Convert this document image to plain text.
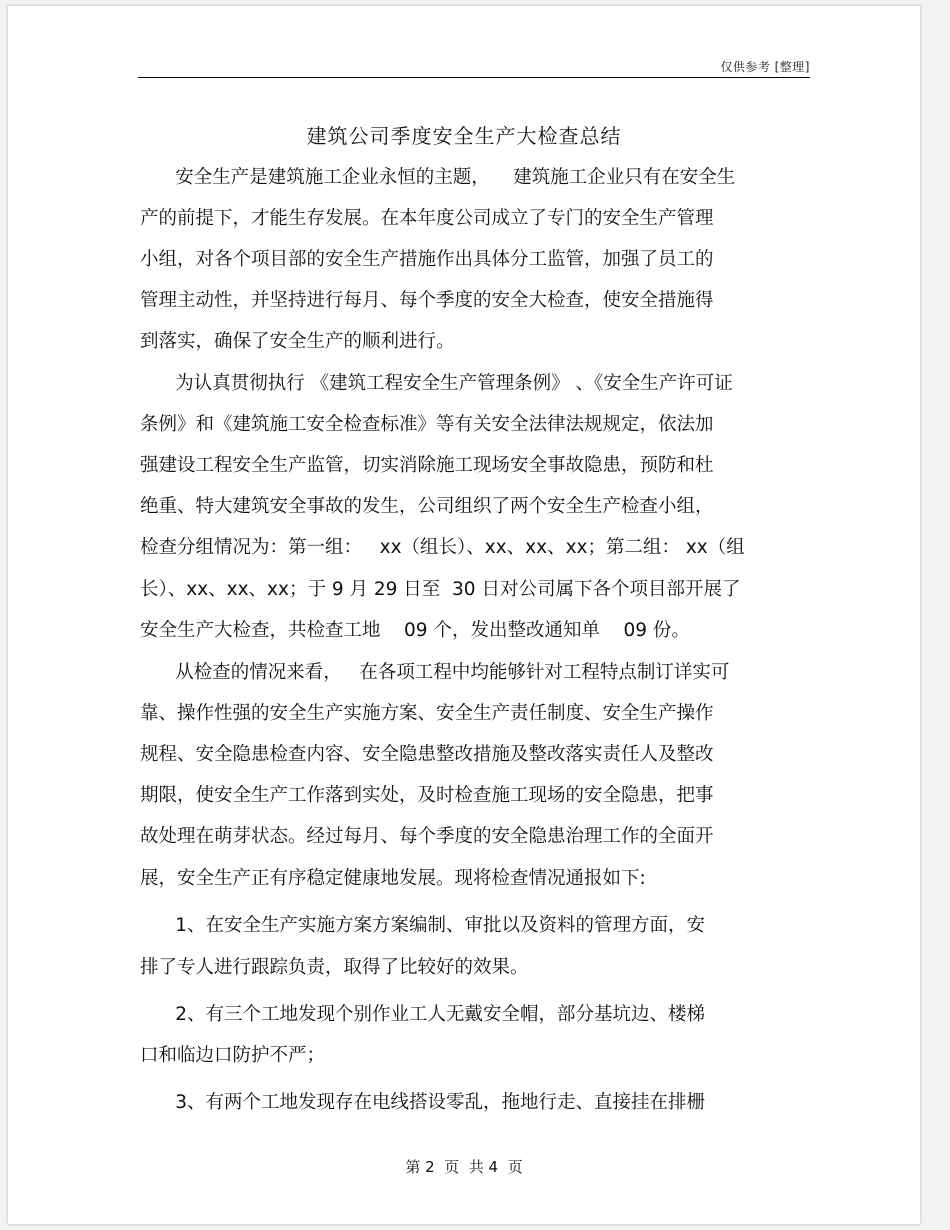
仅供参考 [整理]
建筑公司季度安全生产大检查总结
安全生产是建筑施工企业永恒的主题，    建筑施工企业只有在安全生
产的前提下，才能生存发展。在本年度公司成立了专门的安全生产管理
小组，对各个项目部的安全生产措施作出具体分工监管，加强了员工的
管理主动性，并坚持进行每月、每个季度的安全大检查，使安全措施得
到落实，确保了安全生产的顺利进行。
为认真贯彻执行 《建筑工程安全生产管理条例》 、《安全生产许可证
条例》和《建筑施工安全检查标准》等有关安全法律法规规定，依法加
强建设工程安全生产监管，切实消除施工现场安全事故隐患，预防和杜
绝重、特大建筑安全事故的发生，公司组织了两个安全生产检查小组，
检查分组情况为：第一组：   xx（组长）、xx、xx、xx；第二组： xx（组
长）、xx、xx、xx；于 9 月 29 日至  30 日对公司属下各个项目部开展了
安全生产大检查，共检查工地    09 个，发出整改通知单    09 份。
从检查的情况来看，   在各项工程中均能够针对工程特点制订详实可
靠、操作性强的安全生产实施方案、安全生产责任制度、安全生产操作
规程、安全隐患检查内容、安全隐患整改措施及整改落实责任人及整改
期限，使安全生产工作落到实处，及时检查施工现场的安全隐患，把事
故处理在萌芽状态。经过每月、每个季度的安全隐患治理工作的全面开
展，安全生产正有序稳定健康地发展。现将检查情况通报如下:
1、在安全生产实施方案方案编制、审批以及资料的管理方面，安
排了专人进行跟踪负责，取得了比较好的效果。
2、有三个工地发现个别作业工人无戴安全帽，部分基坑边、楼梯
口和临边口防护不严；
3、有两个工地发现存在电线搭设零乱，拖地行走、直接挂在排栅
第 2  页  共 4  页
